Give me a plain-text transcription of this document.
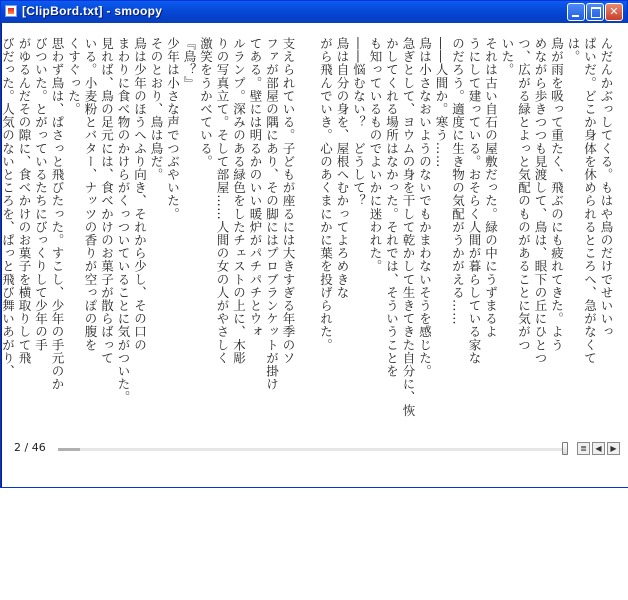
[ClipBord.txt] - smoopy	✕
んだんかぶっしてくる。もはや鳥のだけでせいいっ
ぱいだ。どこか身体を休められるところへ、急がなくて
は。
鳥が雨を吸って重たく、飛ぶのにも疲れてきた。よう
めながら歩きつつも見渡して、鳥は、眼下の丘にひとつ
つ、広がる緑とよっと気配のものがあることに気がつ
いた。
それは古い自石の屋敷だった。緑の中にうずまるよ
うにして建っている。おそらく人間が暮らしている家な
のだろう。適度に生き物の気配がうかがえる……
――人間か。寒う……
鳥は小さなおいようのないでもかまわないそうを感じた。
急ぎとして、ヨウムの身を干して乾かして生きてきた自分に、恢
かしてくれる場所はなかった。それでは、そういうことを
も知っているものでよいかに迷われた。
――悩むない？　どうして？
鳥は自分の身を、屋根へむかってよろめきな
がら飛んでいき。心のあくまにかに葉を投げられた。
支えられている。子どもが座るには大きすぎる年季のソ
ファが部屋の隅にあり、その脚にはプロブランケットが掛け
てある。壁には明るかのいい暖炉がパチパチとウォ
ルランプ。深みのある緑色をしたチェストの上に、木彫
りの写真立て。そして部屋……人間の女の人がやさしく
激笑をうかべている。
『鳥？』
少年は小さな声でつぶやいた。
そのとおり、鳥は鳥だ。
鳥は少年のほうへふり向き、それから少し、その口の
まわりに食べ物のかけらがくっついていることに気がついた。
見れば、鳥の足元には、食べかけのお菓子が散らばって
いる。小麦粉とバター、ナッツの香りが空っぽの腹を
くすぐった。
思わず鳥は、ぱさっと飛びたった。すこし、少年の手元のか
びついた。とがっているたちにびっくりして少年の手
がゆるんだその隙に、食べかけのお菓子を横取りして飛
びだった。人気のないところを、ぱっと飛び舞いあがり、

2 / 46	≣	◀	▶
